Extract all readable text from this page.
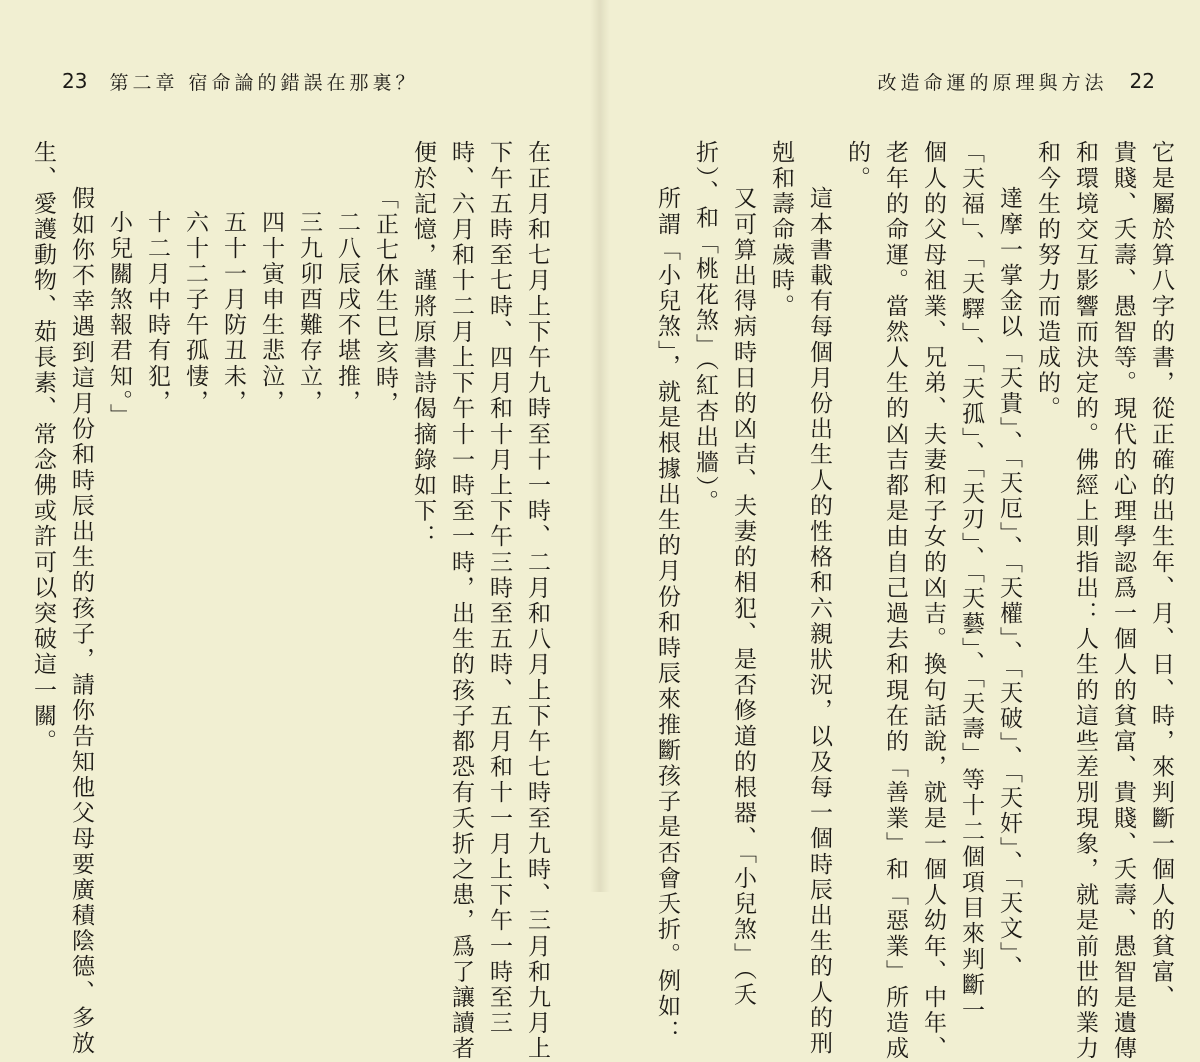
23 第二章 宿命論的錯誤在那裏？
在正月和七月上下午九時至十一時、二月和八月上下午七時至九時、三月和九月上
下午五時至七時、四月和十月上下午三時至五時、五月和十一月上下午一時至三
時、六月和十二月上下午十一時至一時，出生的孩子都恐有夭折之患，爲了讓讀者
便於記憶，謹將原書詩偈摘錄如下：
「正七休生巳亥時，
二八辰戌不堪推，
三九卯酉難存立，
四十寅申生悲泣，
五十一月防丑未，
六十二子午孤悽，
十二月中時有犯，
小兒關煞報君知。」
假如你不幸遇到這月份和時辰出生的孩子，請你告知他父母要廣積陰德、多放
生、愛護動物、茹長素、常念佛或許可以突破這一關。
改造命運的原理與方法 22
它是屬於算八字的書，從正確的出生年、月、日、時，來判斷一個人的貧富、
貴賤、夭壽、愚智等。現代的心理學認爲一個人的貧富、貴賤、夭壽、愚智是遺傳
和環境交互影響而決定的。佛經上則指出：人生的這些差別現象，就是前世的業力
和今生的努力而造成的。
達摩一掌金以「天貴」、「天厄」、「天權」、「天破」、「天奸」、「天文」、
「天福」、「天驛」、「天孤」、「天刃」、「天藝」、「天壽」等十二個項目來判斷一
個人的父母祖業、兄弟、夫妻和子女的凶吉。換句話說，就是一個人幼年、中年、
老年的命運。當然人生的凶吉都是由自己過去和現在的「善業」和「惡業」所造成
的。
這本書載有每個月份出生人的性格和六親狀況，以及每一個時辰出生的人的刑
剋和壽命歲時。
又可算出得病時日的凶吉、夫妻的相犯、是否修道的根器、「小兒煞」（夭
折）、和「桃花煞」（紅杏出牆）。
所謂「小兒煞」，就是根據出生的月份和時辰來推斷孩子是否會夭折。例如：
